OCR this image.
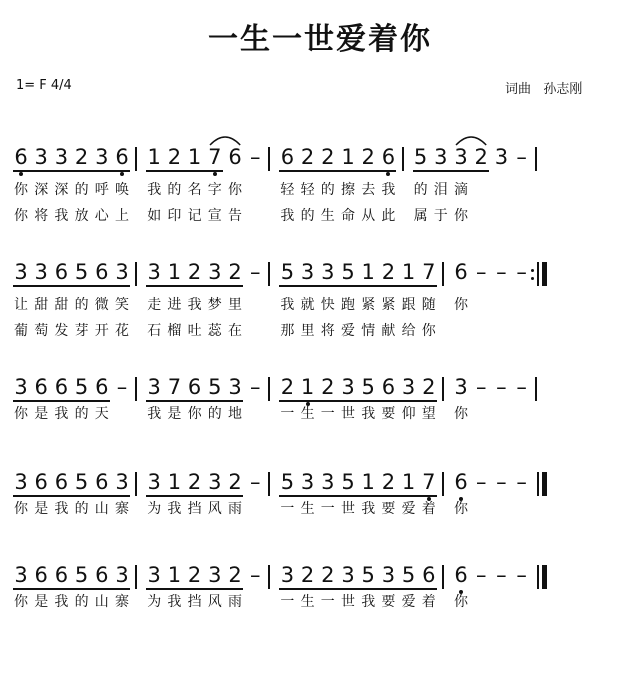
一生一世爱着你
1= F 4/4	词曲   孙志刚
6 3 3 2 3 6 1 2 1 7 6 – 6 2 2 1 2 6 5 3 3 2 3 –
你 深 深 的 呼 唤 我 的 名 字 你	轻 轻 的 擦 去 我 的 泪 滴
你 将 我 放 心 上 如 印 记 宣 告	我 的 生 命 从 此 属 于 你
3 3 6 5 6 3 3 1 2 3 2 – 5 3 3 5 1 2 1 7 6 – – –
让 甜 甜 的 微 笑 走 进 我 梦 里	我 就 快 跑 紧 紧 跟 随 你
葡 萄 发 芽 开 花 石 榴 吐 蕊 在	那 里 将 爱 情 献 给 你
3 6 6 5 6 – 3 7 6 5 3 – 2 1 2 3 5 6 3 2 3 – – –
你 是 我 的 天	我 是 你 的 地	一 生 一 世 我 要 仰 望 你
3 6 6 5 6 3 3 1 2 3 2 – 5 3 3 5 1 2 1 7 6 – – –
你 是 我 的 山 寨 为 我 挡 风 雨	一 生 一 世 我 要 爱 着 你
3 6 6 5 6 3 3 1 2 3 2 – 3 2 2 3 5 3 5 6 6 – – –
你 是 我 的 山 寨 为 我 挡 风 雨	一 生 一 世 我 要 爱 着 你
